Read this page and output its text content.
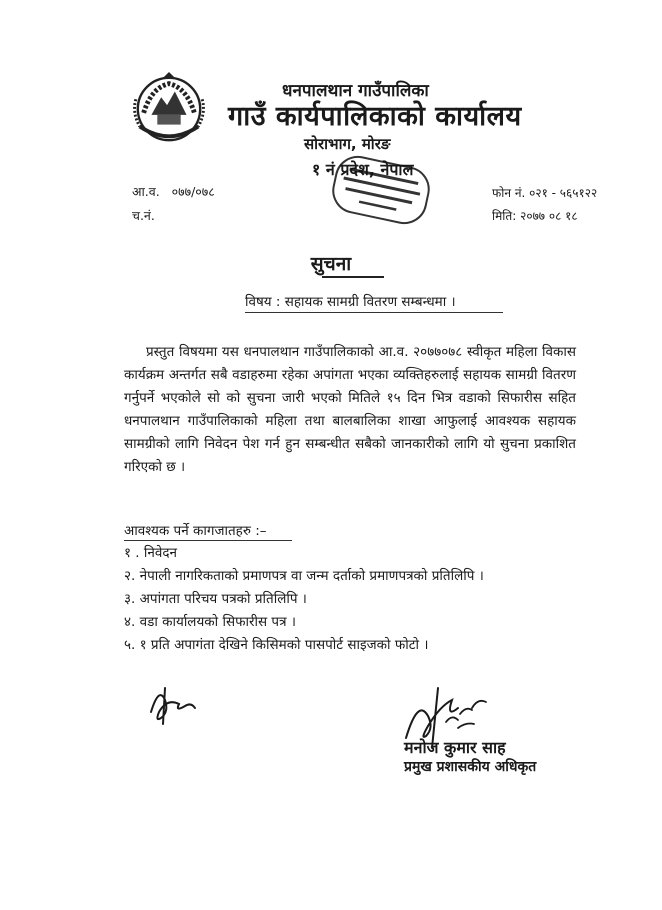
धनपालथान गाउँपालिका
गाउँ कार्यपालिकाको कार्यालय
सोराभाग, मोरङ
१ नं प्रदेश, नेपाल
आ.व. ०७७/०७८
च.नं.
फोन नं. ०२१ - ५६५१२२
मिति: २०७७ ०८ १८
सुचना
विषय : सहायक सामग्री वितरण सम्बन्धमा ।

प्रस्तुत विषयमा यस धनपालथान गाउँपालिकाको आ.व. २०७७०७८ स्वीकृत महिला विकास कार्यक्रम अन्तर्गत सबै वडाहरुमा रहेका अपांगता भएका व्यक्तिहरुलाई सहायक सामग्री वितरण गर्नुपर्ने भएकोले सो को सुचना जारी भएको मितिले १५ दिन भित्र वडाको सिफारीस सहित धनपालथान गाउँपालिकाको महिला तथा बालबालिका शाखा आफुलाई आवश्यक सहायक सामग्रीको लागि निवेदन पेश गर्न हुन सम्बन्धीत सबैको जानकारीको लागि यो सुचना प्रकाशित गरिएको छ ।

आवश्यक पर्ने कागजातहरु :–
१ . निवेदन
२. नेपाली नागरिकताको प्रमाणपत्र वा जन्म दर्ताको प्रमाणपत्रको प्रतिलिपि ।
३. अपांगता परिचय पत्रको प्रतिलिपि ।
४. वडा कार्यालयको सिफारीस पत्र ।
५. १ प्रति अपागंता देखिने किसिमको पासपोर्ट साइजको फोटो ।
मनोज कुमार साह
प्रमुख प्रशासकीय अधिकृत
